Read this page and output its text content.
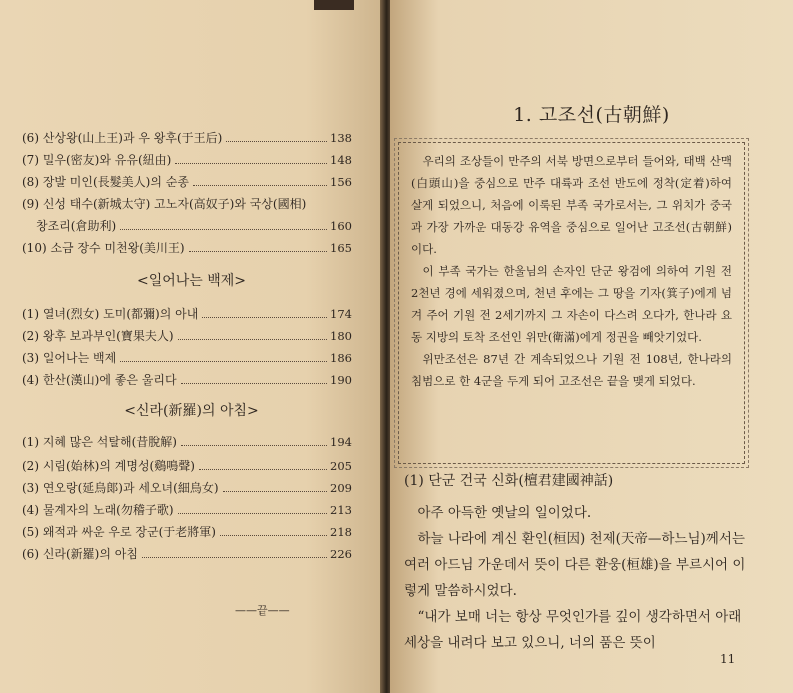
(6) 산상왕(山上王)과 우 왕후(于王后)	138
(7) 밀우(密友)와 유유(紐由)	148
(8) 장발 미인(長髮美人)의 순종	156
(9) 신성 태수(新城太守) 고노자(高奴子)와 국상(國相)
창조리(倉助利)	160
(10) 소금 장수 미천왕(美川王)	165
<일어나는 백제>
(1) 열녀(烈女) 도미(都彌)의 아내	174
(2) 왕후 보과부인(寶果夫人)	180
(3) 일어나는 백제	186
(4) 한산(漢山)에 좋은 울리다	190
<신라(新羅)의 아침>
(1) 지혜 많은 석탈해(昔脫解)	194
(2) 시림(始林)의 계명성(鷄鳴聲)	205
(3) 연오랑(延烏郞)과 세오녀(細烏女)	209
(4) 물계자의 노래(勿稽子歌)	213
(5) 왜적과 싸운 우로 장군(于老將軍)	218
(6) 신라(新羅)의 아침	226
——끝——
1. 고조선(古朝鮮)

우리의 조상들이 만주의 서북 방면으로부터 들어와, 태백 산맥(白頭山)을 중심으로 만주 대륙과 조선 반도에 정착(定着)하여 살게 되었으니, 처음에 이룩된 부족 국가로서는, 그 위치가 중국과 가장 가까운 대동강 유역을 중심으로 일어난 고조선(古朝鮮)이다.

이 부족 국가는 한울님의 손자인 단군 왕검에 의하여 기원 전 2천년 경에 세워졌으며, 천년 후에는 그 땅을 기자(箕子)에게 넘겨 주어 기원 전 2세기까지 그 자손이 다스려 오다가, 한나라 요동 지방의 토착 조선인 위만(衛滿)에게 정권을 빼앗기었다.

위만조선은 87년 간 계속되었으나 기원 전 108년, 한나라의 침범으로 한 4군을 두게 되어 고조선은 끝을 맺게 되었다.

(1) 단군 건국 신화(檀君建國神話)

아주 아득한 옛날의 일이었다.

하늘 나라에 계신 환인(桓因) 천제(天帝—하느님)께서는 여러 아드님 가운데서 뜻이 다른 환웅(桓雄)을 부르시어 이렇게 말씀하시었다.

“내가 보매 너는 항상 무엇인가를 깊이 생각하면서 아래 세상을 내려다 보고 있으니, 너의 품은 뜻이

11
